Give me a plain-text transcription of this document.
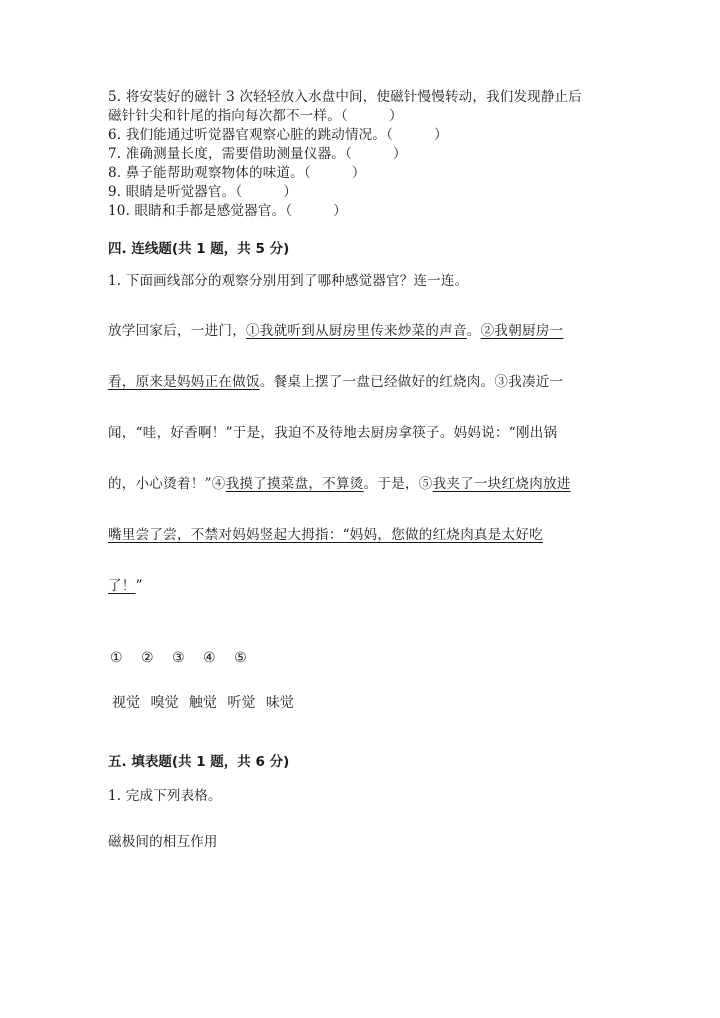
5. 将安装好的磁针 3 次轻轻放入水盘中间，使磁针慢慢转动，我们发现静止后
磁针针尖和针尾的指向每次都不一样。（　　　）
6. 我们能通过听觉器官观察心脏的跳动情况。（　　　）
7. 准确测量长度，需要借助测量仪器。（　　　）
8. 鼻子能帮助观察物体的味道。（　　　）
9. 眼睛是听觉器官。（　　　）
10. 眼睛和手都是感觉器官。（　　　）
四. 连线题(共 1 题，共 5 分)
1. 下面画线部分的观察分别用到了哪种感觉器官？连一连。
放学回家后，一进门，①我就听到从厨房里传来炒菜的声音。②我朝厨房一
看，原来是妈妈正在做饭。餐桌上摆了一盘已经做好的红烧肉。③我凑近一
闻，“哇，好香啊！”于是，我迫不及待地去厨房拿筷子。妈妈说：“刚出锅
的，小心烫着！”④我摸了摸菜盘，不算烫。于是，⑤我夹了一块红烧肉放进
嘴里尝了尝，不禁对妈妈竖起大拇指：“妈妈，您做的红烧肉真是太好吃
了！”
① ② ③ ④ ⑤
视觉 嗅觉 触觉 听觉 味觉
五. 填表题(共 1 题，共 6 分)
1. 完成下列表格。
磁极间的相互作用
